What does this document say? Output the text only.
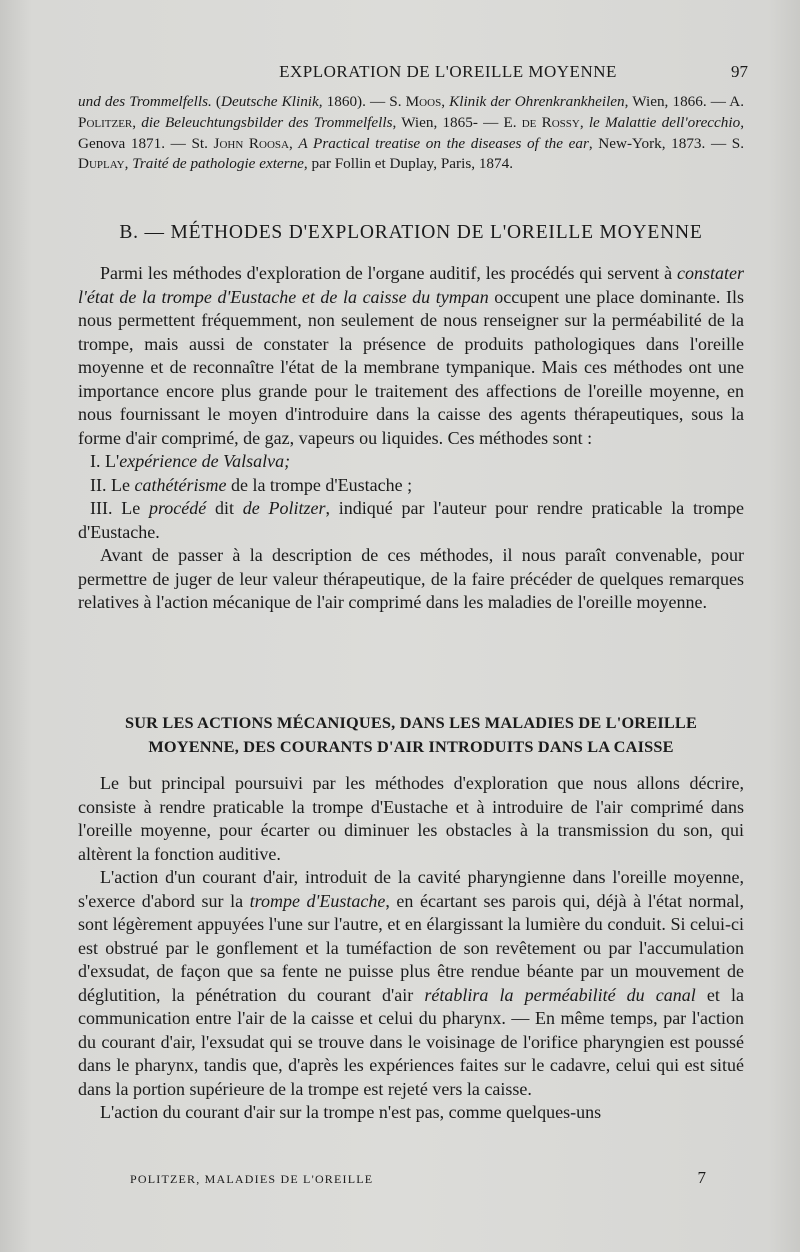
EXPLORATION DE L'OREILLE MOYENNE	97
und des Trommelfells. (Deutsche Klinik, 1860). — S. Moos, Klinik der Ohrenkrankheilen, Wien, 1866. — A. Politzer, die Beleuchtungsbilder des Trommelfells, Wien, 1865- — E. de Rossy, le Malattie dell'orecchio, Genova 1871. — St. John Roosa, A Practical treatise on the diseases of the ear, New-York, 1873. — S. Duplay, Traité de pathologie externe, par Follin et Duplay, Paris, 1874.
B. — MÉTHODES D'EXPLORATION DE L'OREILLE MOYENNE

Parmi les méthodes d'exploration de l'organe auditif, les procédés qui servent à constater l'état de la trompe d'Eustache et de la caisse du tympan occupent une place dominante. Ils nous permettent fréquemment, non seulement de nous renseigner sur la perméabilité de la trompe, mais aussi de constater la présence de produits pathologiques dans l'oreille moyenne et de reconnaître l'état de la membrane tympanique. Mais ces méthodes ont une importance encore plus grande pour le traitement des affections de l'oreille moyenne, en nous fournissant le moyen d'introduire dans la caisse des agents thérapeutiques, sous la forme d'air comprimé, de gaz, vapeurs ou liquides. Ces méthodes sont :

I. L'expérience de Valsalva;

II. Le cathétérisme de la trompe d'Eustache ;

III. Le procédé dit de Politzer, indiqué par l'auteur pour rendre praticable la trompe d'Eustache.

Avant de passer à la description de ces méthodes, il nous paraît convenable, pour permettre de juger de leur valeur thérapeutique, de la faire précéder de quelques remarques relatives à l'action mécanique de l'air comprimé dans les maladies de l'oreille moyenne.

SUR LES ACTIONS MÉCANIQUES, DANS LES MALADIES DE L'OREILLE
MOYENNE, DES COURANTS D'AIR INTRODUITS DANS LA CAISSE

Le but principal poursuivi par les méthodes d'exploration que nous allons décrire, consiste à rendre praticable la trompe d'Eustache et à introduire de l'air comprimé dans l'oreille moyenne, pour écarter ou diminuer les obstacles à la transmission du son, qui altèrent la fonction auditive.

L'action d'un courant d'air, introduit de la cavité pharyngienne dans l'oreille moyenne, s'exerce d'abord sur la trompe d'Eustache, en écartant ses parois qui, déjà à l'état normal, sont légèrement appuyées l'une sur l'autre, et en élargissant la lumière du conduit. Si celui-ci est obstrué par le gonflement et la tuméfaction de son revêtement ou par l'accumulation d'exsudat, de façon que sa fente ne puisse plus être rendue béante par un mouvement de déglutition, la pénétration du courant d'air rétablira la perméabilité du canal et la communication entre l'air de la caisse et celui du pharynx. — En même temps, par l'action du courant d'air, l'exsudat qui se trouve dans le voisinage de l'orifice pharyngien est poussé dans le pharynx, tandis que, d'après les expériences faites sur le cadavre, celui qui est situé dans la portion supérieure de la trompe est rejeté vers la caisse.

L'action du courant d'air sur la trompe n'est pas, comme quelques-uns

POLITZER, MALADIES DE L'OREILLE	7
